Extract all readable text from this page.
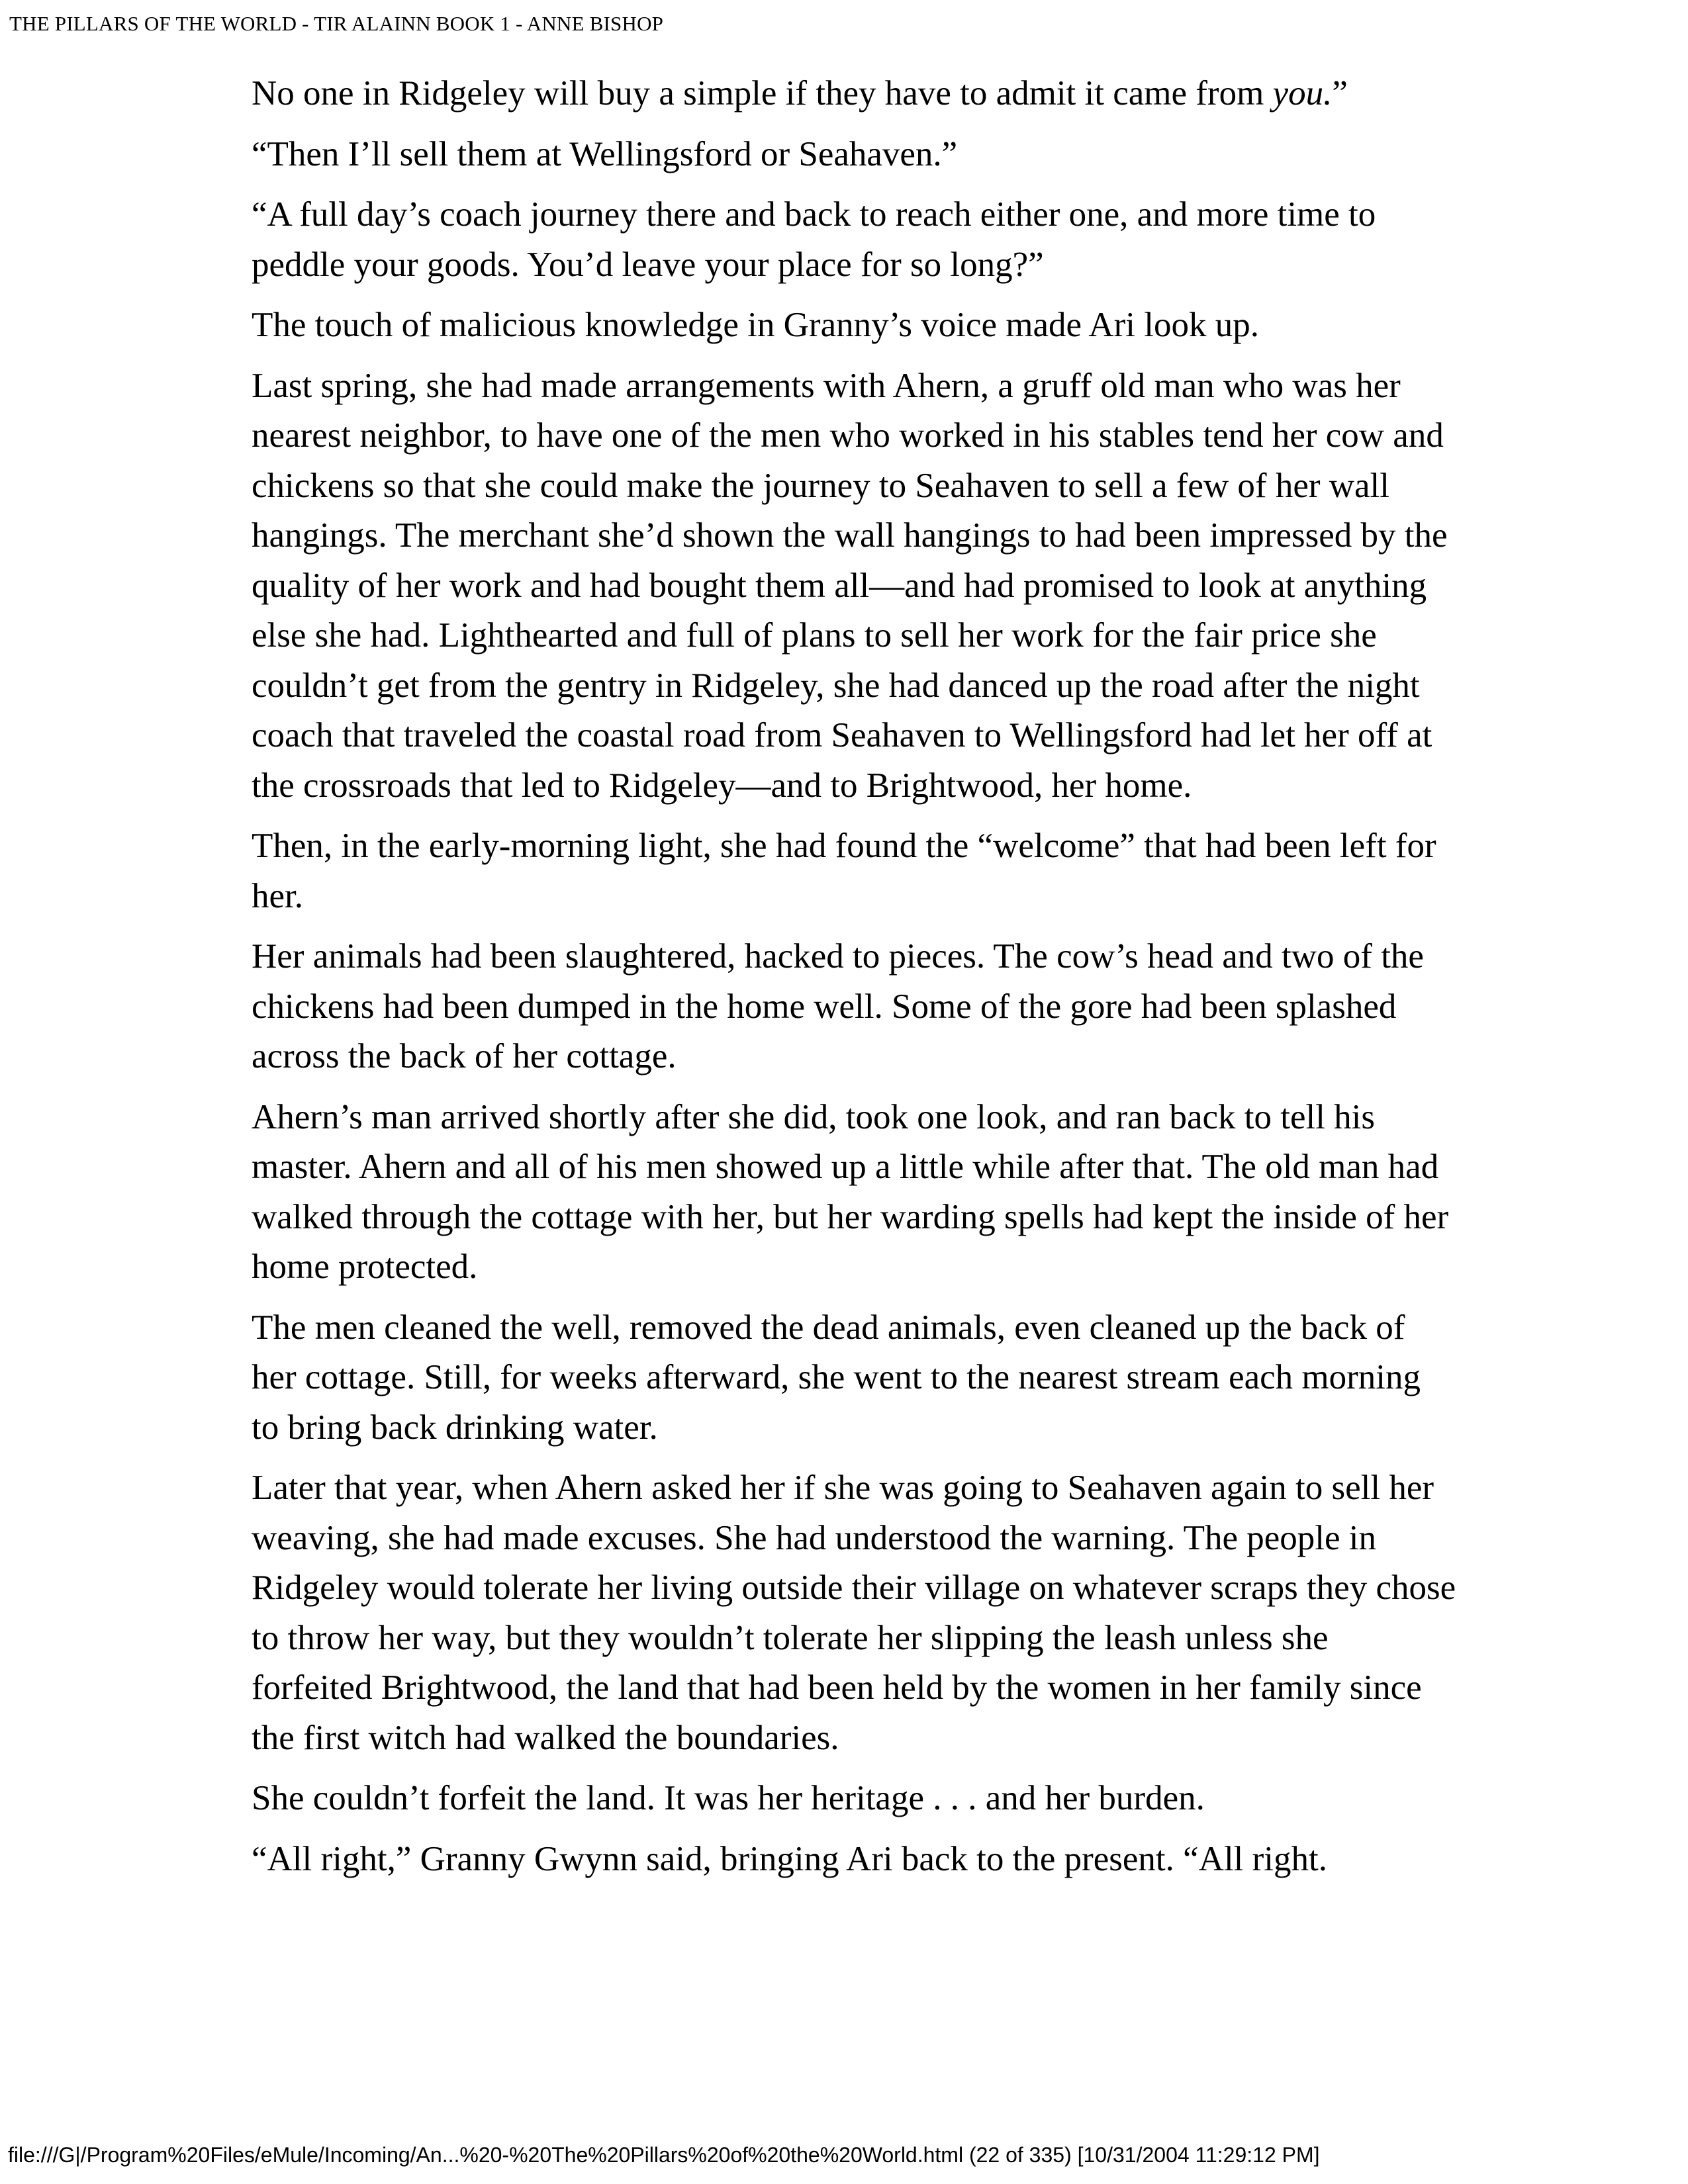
THE PILLARS OF THE WORLD - TIR ALAINN BOOK 1 - ANNE BISHOP

No one in Ridgeley will buy a simple if they have to admit it came from you.”

“Then I’ll sell them at Wellingsford or Seahaven.”

“A full day’s coach journey there and back to reach either one, and more time to peddle your goods. You’d leave your place for so long?”

The touch of malicious knowledge in Granny’s voice made Ari look up.

Last spring, she had made arrangements with Ahern, a gruff old man who was her nearest neighbor, to have one of the men who worked in his stables tend her cow and chickens so that she could make the journey to Seahaven to sell a few of her wall hangings. The merchant she’d shown the wall hangings to had been impressed by the quality of her work and had bought them all—and had promised to look at anything else she had. Lighthearted and full of plans to sell her work for the fair price she couldn’t get from the gentry in Ridgeley, she had danced up the road after the night coach that traveled the coastal road from Seahaven to Wellingsford had let her off at the crossroads that led to Ridgeley—and to Brightwood, her home.

Then, in the early-morning light, she had found the “welcome” that had been left for her.

Her animals had been slaughtered, hacked to pieces. The cow’s head and two of the chickens had been dumped in the home well. Some of the gore had been splashed across the back of her cottage.

Ahern’s man arrived shortly after she did, took one look, and ran back to tell his master. Ahern and all of his men showed up a little while after that. The old man had walked through the cottage with her, but her warding spells had kept the inside of her home protected.

The men cleaned the well, removed the dead animals, even cleaned up the back of her cottage. Still, for weeks afterward, she went to the nearest stream each morning to bring back drinking water.

Later that year, when Ahern asked her if she was going to Seahaven again to sell her weaving, she had made excuses. She had understood the warning. The people in Ridgeley would tolerate her living outside their village on whatever scraps they chose to throw her way, but they wouldn’t tolerate her slipping the leash unless she forfeited Brightwood, the land that had been held by the women in her family since the first witch had walked the boundaries.

She couldn’t forfeit the land. It was her heritage . . . and her burden.

“All right,” Granny Gwynn said, bringing Ari back to the present. “All right.

file:///G|/Program%20Files/eMule/Incoming/An...%20-%20The%20Pillars%20of%20the%20World.html (22 of 335) [10/31/2004 11:29:12 PM]
